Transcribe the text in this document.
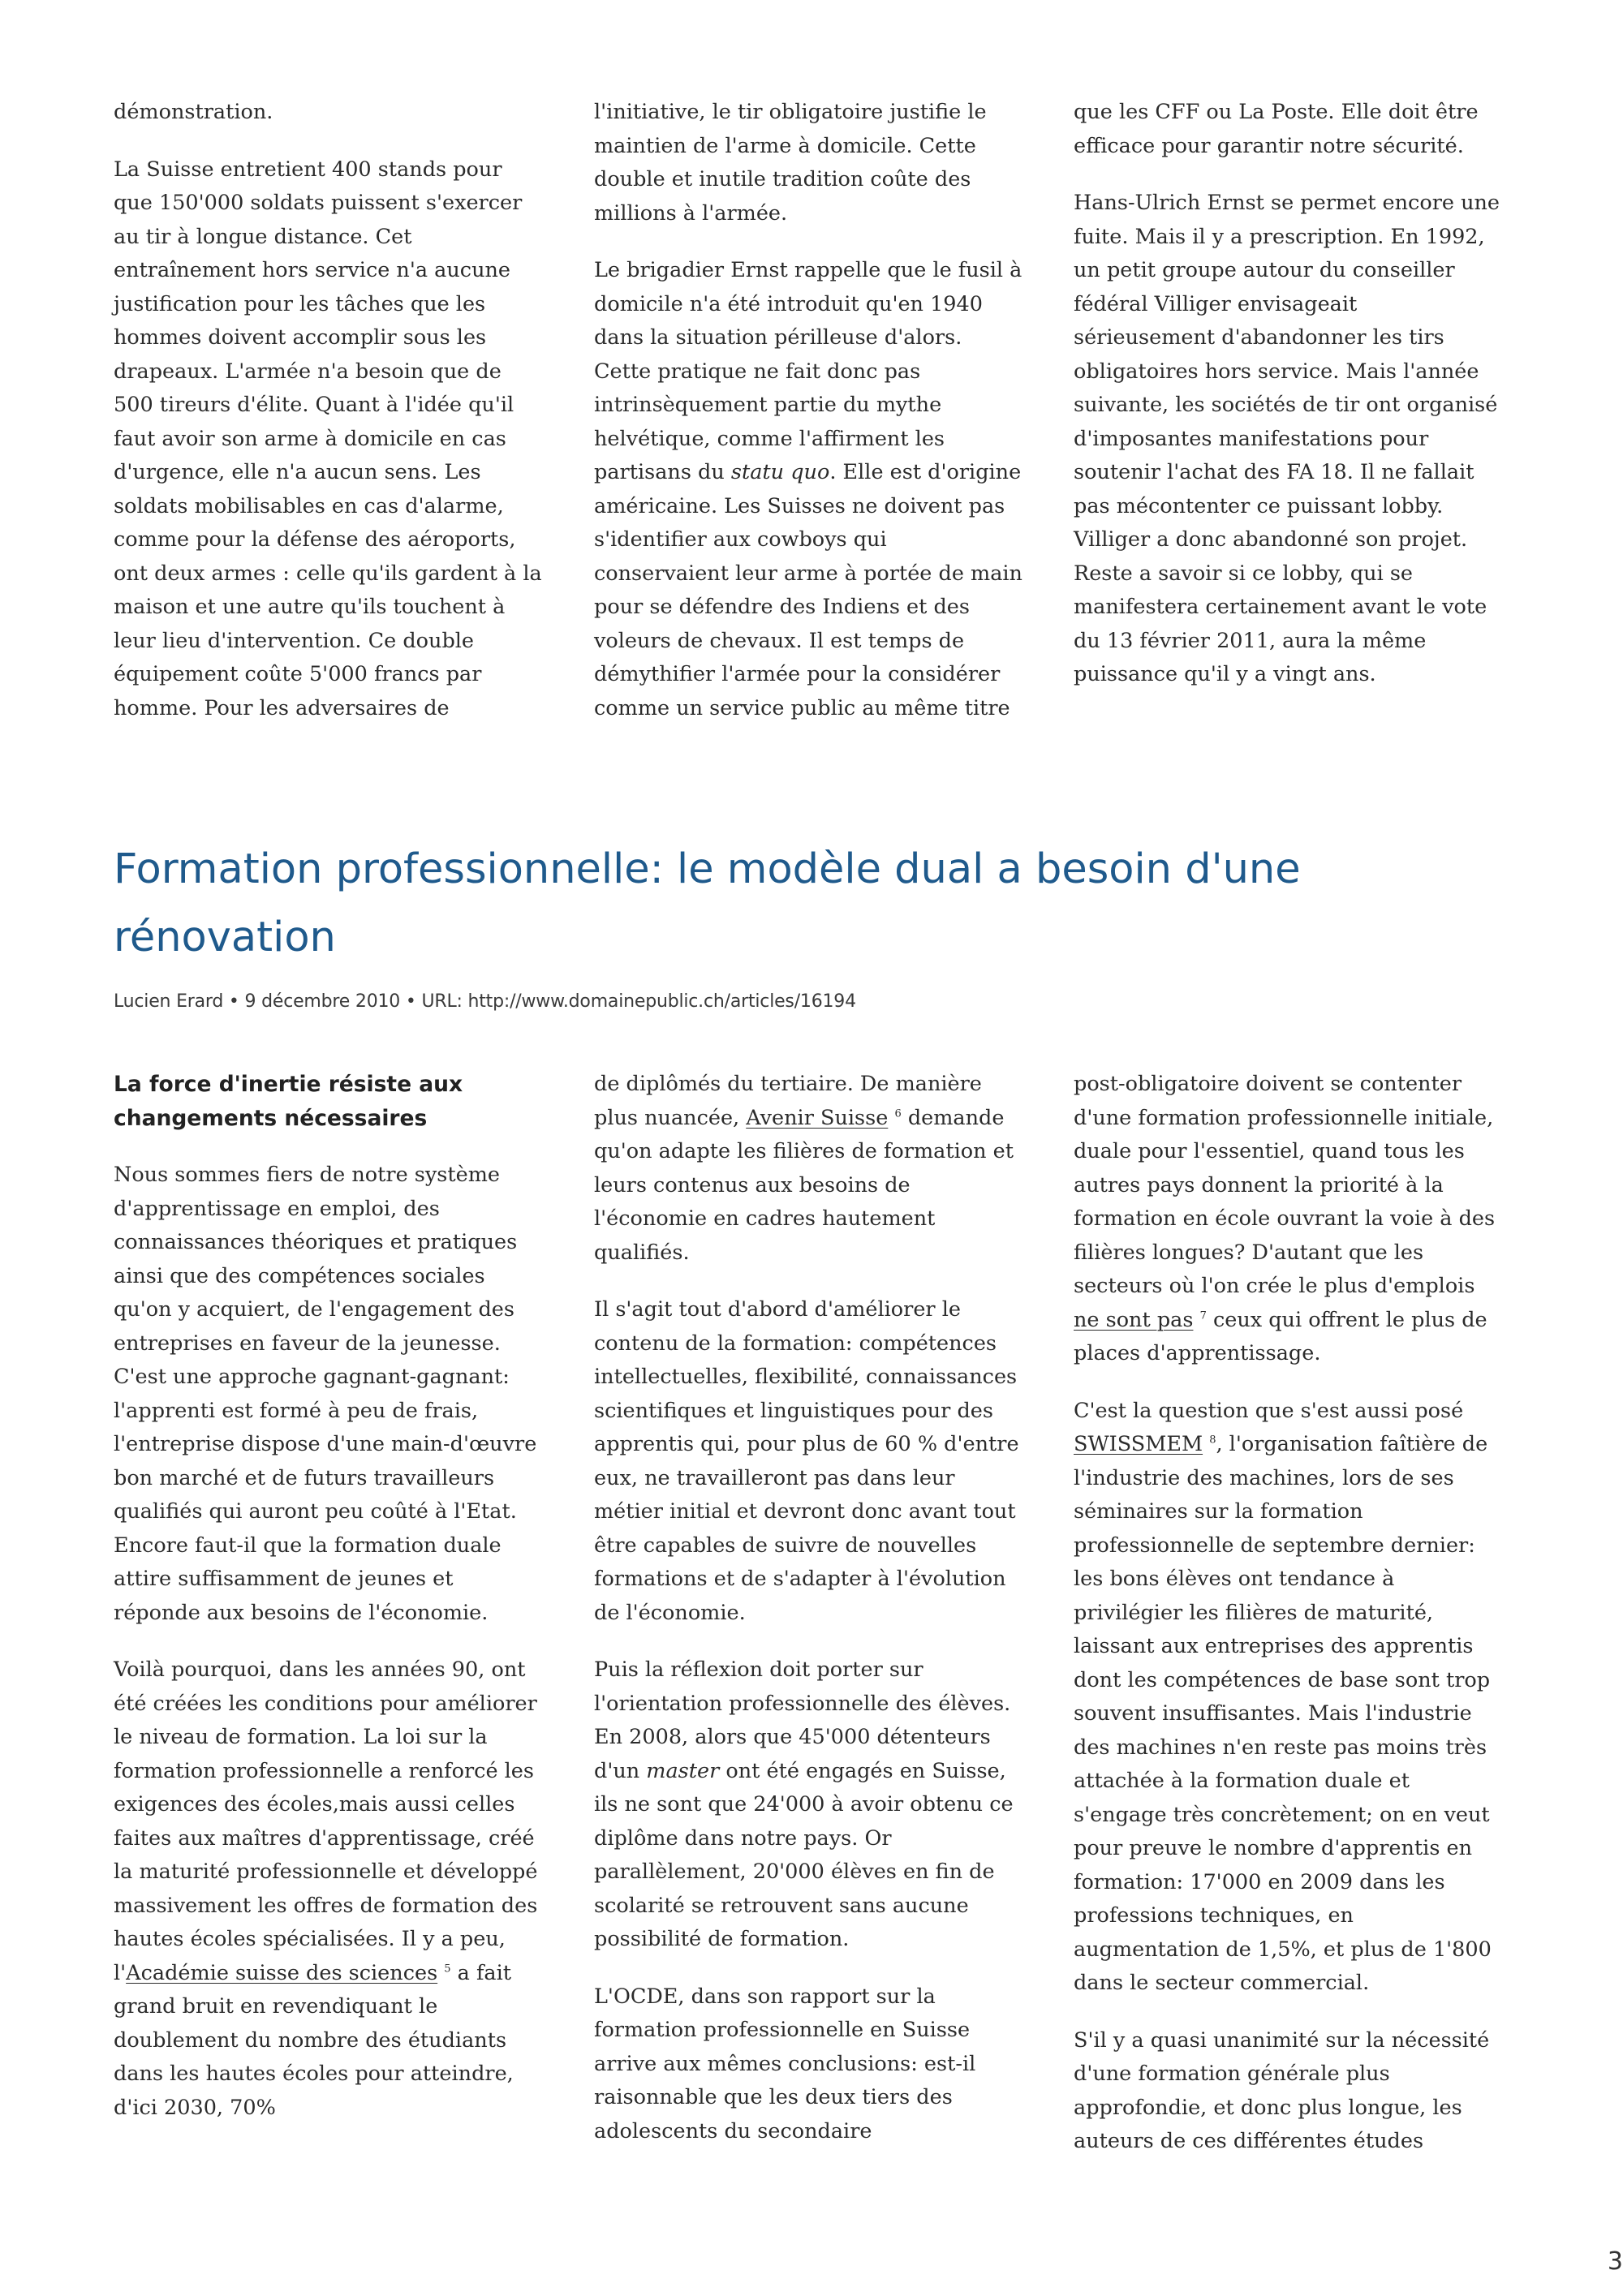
démonstration.

La Suisse entretient 400 stands pour que 150'000 soldats puissent s'exercer au tir à longue distance. Cet entraînement hors service n'a aucune justification pour les tâches que les hommes doivent accomplir sous les drapeaux. L'armée n'a besoin que de 500 tireurs d'élite. Quant à l'idée qu'il faut avoir son arme à domicile en cas d'urgence, elle n'a aucun sens. Les soldats mobilisables en cas d'alarme, comme pour la défense des aéroports, ont deux armes : celle qu'ils gardent à la maison et une autre qu'ils touchent à leur lieu d'intervention. Ce double équipement coûte 5'000 francs par homme. Pour les adversaires de

l'initiative, le tir obligatoire justifie le maintien de l'arme à domicile. Cette double et inutile tradition coûte des millions à l'armée.

Le brigadier Ernst rappelle que le fusil à domicile n'a été introduit qu'en 1940 dans la situation périlleuse d'alors. Cette pratique ne fait donc pas intrinsèquement partie du mythe helvétique, comme l'affirment les partisans du statu quo. Elle est d'origine américaine. Les Suisses ne doivent pas s'identifier aux cowboys qui conservaient leur arme à portée de main pour se défendre des Indiens et des voleurs de chevaux. Il est temps de démythifier l'armée pour la considérer comme un service public au même titre

que les CFF ou La Poste. Elle doit être efficace pour garantir notre sécurité.

Hans-Ulrich Ernst se permet encore une fuite. Mais il y a prescription. En 1992, un petit groupe autour du conseiller fédéral Villiger envisageait sérieusement d'abandonner les tirs obligatoires hors service. Mais l'année suivante, les sociétés de tir ont organisé d'imposantes manifestations pour soutenir l'achat des FA 18. Il ne fallait pas mécontenter ce puissant lobby. Villiger a donc abandonné son projet. Reste a savoir si ce lobby, qui se manifestera certainement avant le vote du 13 février 2011, aura la même puissance qu'il y a vingt ans.

Formation professionnelle: le modèle dual a besoin d'une rénovation
Lucien Erard • 9 décembre 2010 • URL: http://www.domainepublic.ch/articles/16194
La force d'inertie résiste aux changements nécessaires

Nous sommes fiers de notre système d'apprentissage en emploi, des connaissances théoriques et pratiques ainsi que des compétences sociales qu'on y acquiert, de l'engagement des entreprises en faveur de la jeunesse. C'est une approche gagnant-gagnant: l'apprenti est formé à peu de frais, l'entreprise dispose d'une main-d'œuvre bon marché et de futurs travailleurs qualifiés qui auront peu coûté à l'Etat. Encore faut-il que la formation duale attire suffisamment de jeunes et réponde aux besoins de l'économie.

Voilà pourquoi, dans les années 90, ont été créées les conditions pour améliorer le niveau de formation. La loi sur la formation professionnelle a renforcé les exigences des écoles,mais aussi celles faites aux maîtres d'apprentissage, créé la maturité professionnelle et développé massivement les offres de formation des hautes écoles spécialisées. Il y a peu, l'Académie suisse des sciences $^5$ a fait grand bruit en revendiquant le doublement du nombre des étudiants dans les hautes écoles pour atteindre, d'ici 2030, 70%

de diplômés du tertiaire. De manière plus nuancée, Avenir Suisse $^6$ demande qu'on adapte les filières de formation et leurs contenus aux besoins de l'économie en cadres hautement qualifiés.

Il s'agit tout d'abord d'améliorer le contenu de la formation: compétences intellectuelles, flexibilité, connaissances scientifiques et linguistiques pour des apprentis qui, pour plus de 60 % d'entre eux, ne travailleront pas dans leur métier initial et devront donc avant tout être capables de suivre de nouvelles formations et de s'adapter à l'évolution de l'économie.

Puis la réflexion doit porter sur l'orientation professionnelle des élèves. En 2008, alors que 45'000 détenteurs d'un master ont été engagés en Suisse, ils ne sont que 24'000 à avoir obtenu ce diplôme dans notre pays. Or parallèlement, 20'000 élèves en fin de scolarité se retrouvent sans aucune possibilité de formation.

L'OCDE, dans son rapport sur la formation professionnelle en Suisse arrive aux mêmes conclusions: est-il raisonnable que les deux tiers des adolescents du secondaire

post-obligatoire doivent se contenter d'une formation professionnelle initiale, duale pour l'essentiel, quand tous les autres pays donnent la priorité à la formation en école ouvrant la voie à des filières longues? D'autant que les secteurs où l'on crée le plus d'emplois ne sont pas $^7$ ceux qui offrent le plus de places d'apprentissage.

C'est la question que s'est aussi posé SWISSMEM $^8$, l'organisation faîtière de l'industrie des machines, lors de ses séminaires sur la formation professionnelle de septembre dernier: les bons élèves ont tendance à privilégier les filières de maturité, laissant aux entreprises des apprentis dont les compétences de base sont trop souvent insuffisantes. Mais l'industrie des machines n'en reste pas moins très attachée à la formation duale et s'engage très concrètement; on en veut pour preuve le nombre d'apprentis en formation: 17'000 en 2009 dans les professions techniques, en augmentation de 1,5%, et plus de 1'800 dans le secteur commercial.

S'il y a quasi unanimité sur la nécessité d'une formation générale plus approfondie, et donc plus longue, les auteurs de ces différentes études

3
